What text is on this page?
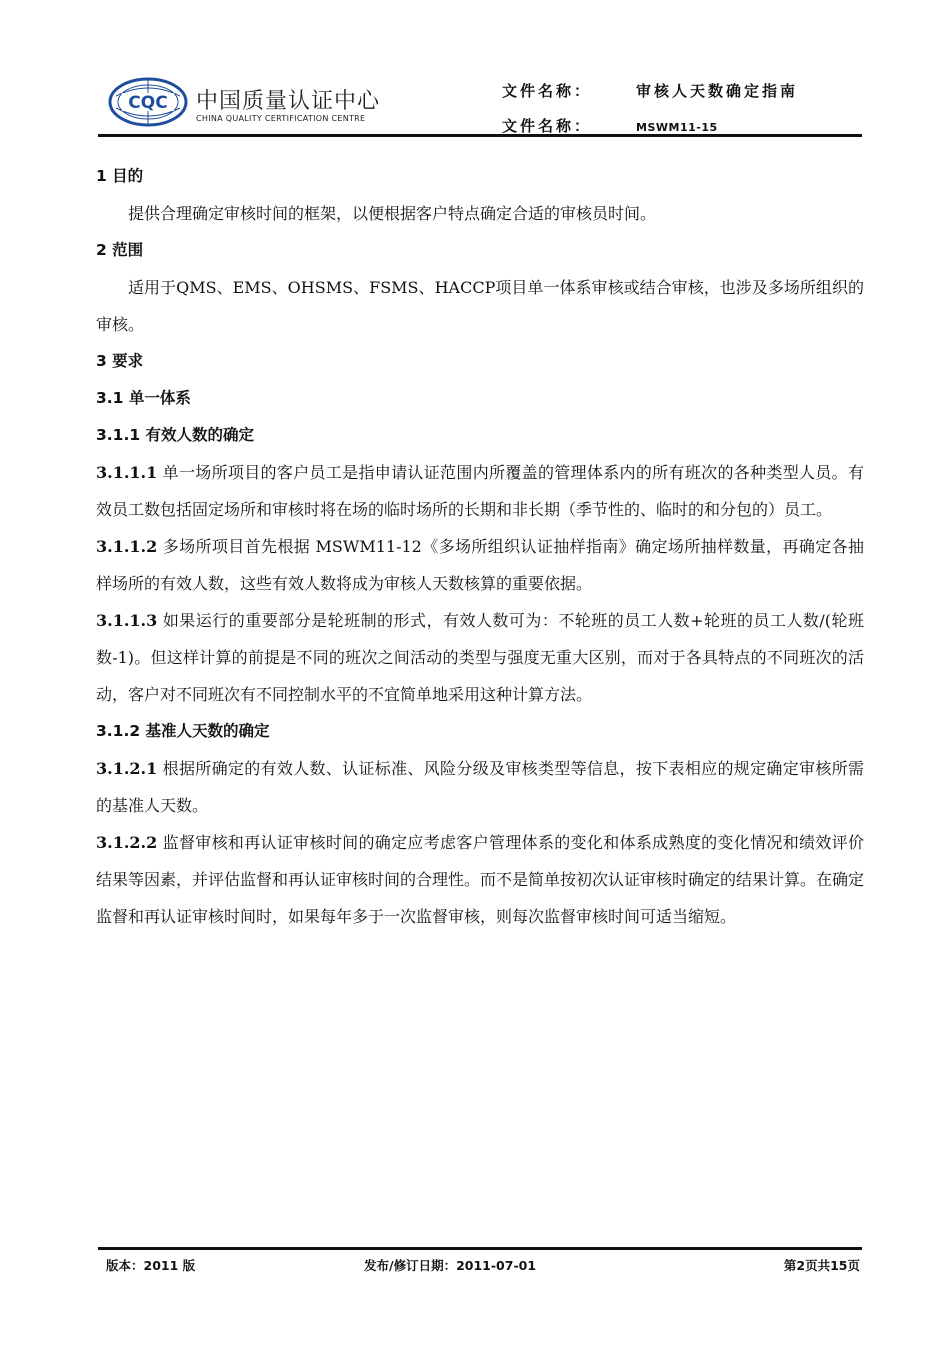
CQC 中国质量认证中心
CHINA QUALITY CERTIFICATION CENTRE
文件名称：	审核人天数确定指南
文件名称：	MSWM11-15
1 目的
提供合理确定审核时间的框架，以便根据客户特点确定合适的审核员时间。
2 范围
适用于QMS、EMS、OHSMS、FSMS、HACCP项目单一体系审核或结合审核，也涉及多场所组织的审核。
3 要求
3.1 单一体系
3.1.1 有效人数的确定
3.1.1.1 单一场所项目的客户员工是指申请认证范围内所覆盖的管理体系内的所有班次的各种类型人员。有效员工数包括固定场所和审核时将在场的临时场所的长期和非长期（季节性的、临时的和分包的）员工。
3.1.1.2 多场所项目首先根据 MSWM11-12《多场所组织认证抽样指南》确定场所抽样数量，再确定各抽样场所的有效人数，这些有效人数将成为审核人天数核算的重要依据。
3.1.1.3 如果运行的重要部分是轮班制的形式，有效人数可为：不轮班的员工人数+轮班的员工人数/(轮班数-1)。但这样计算的前提是不同的班次之间活动的类型与强度无重大区别，而对于各具特点的不同班次的活动，客户对不同班次有不同控制水平的不宜简单地采用这种计算方法。
3.1.2 基准人天数的确定
3.1.2.1 根据所确定的有效人数、认证标准、风险分级及审核类型等信息，按下表相应的规定确定审核所需的基准人天数。
3.1.2.2 监督审核和再认证审核时间的确定应考虑客户管理体系的变化和体系成熟度的变化情况和绩效评价结果等因素，并评估监督和再认证审核时间的合理性。而不是简单按初次认证审核时确定的结果计算。在确定监督和再认证审核时间时，如果每年多于一次监督审核，则每次监督审核时间可适当缩短。
版本：2011 版	发布/修订日期：2011-07-01	第2页共15页
